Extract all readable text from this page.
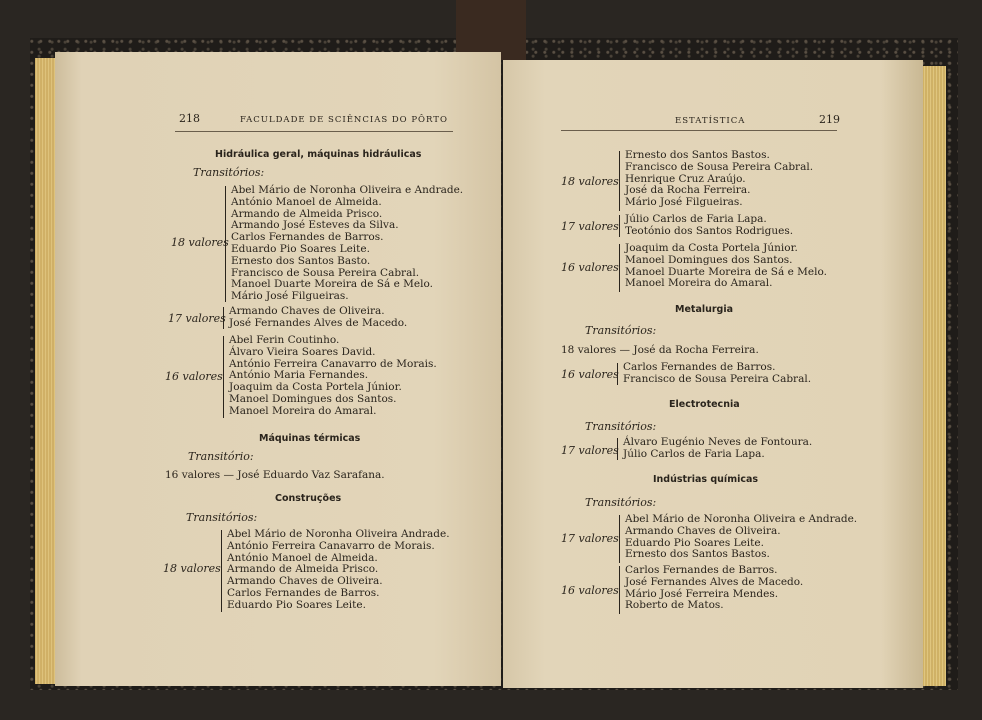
218	FACULDADE DE SCIÊNCIAS DO PÔRTO
Hidráulica geral, máquinas hidráulicas
Transitórios:
18 valores
Abel Mário de Noronha Oliveira e Andrade.
António Manoel de Almeida.
Armando de Almeida Prisco.
Armando José Esteves da Silva.
Carlos Fernandes de Barros.
Eduardo Pio Soares Leite.
Ernesto dos Santos Basto.
Francisco de Sousa Pereira Cabral.
Manoel Duarte Moreira de Sá e Melo.
Mário José Filgueiras.
17 valores
Armando Chaves de Oliveira.
José Fernandes Alves de Macedo.
16 valores
Abel Ferin Coutinho.
Álvaro Vieira Soares David.
António Ferreira Canavarro de Morais.
António Maria Fernandes.
Joaquim da Costa Portela Júnior.
Manoel Domingues dos Santos.
Manoel Moreira do Amaral.
Máquinas térmicas
Transitório:
16 valores — José Eduardo Vaz Sarafana.
Construções
Transitórios:
18 valores
Abel Mário de Noronha Oliveira Andrade.
António Ferreira Canavarro de Morais.
António Manoel de Almeida.
Armando de Almeida Prisco.
Armando Chaves de Oliveira.
Carlos Fernandes de Barros.
Eduardo Pio Soares Leite.
ESTATÍSTICA	219
18 valores
Ernesto dos Santos Bastos.
Francisco de Sousa Pereira Cabral.
Henrique Cruz Araújo.
José da Rocha Ferreira.
Mário José Filgueiras.
17 valores
Júlio Carlos de Faria Lapa.
Teotónio dos Santos Rodrigues.
16 valores
Joaquim da Costa Portela Júnior.
Manoel Domingues dos Santos.
Manoel Duarte Moreira de Sá e Melo.
Manoel Moreira do Amaral.
Metalurgia
Transitórios:
18 valores — José da Rocha Ferreira.
16 valores
Carlos Fernandes de Barros.
Francisco de Sousa Pereira Cabral.
Electrotecnia
Transitórios:
17 valores
Álvaro Eugénio Neves de Fontoura.
Júlio Carlos de Faria Lapa.
Indústrias químicas
Transitórios:
17 valores
Abel Mário de Noronha Oliveira e Andrade.
Armando Chaves de Oliveira.
Eduardo Pio Soares Leite.
Ernesto dos Santos Bastos.
16 valores
Carlos Fernandes de Barros.
José Fernandes Alves de Macedo.
Mário José Ferreira Mendes.
Roberto de Matos.
